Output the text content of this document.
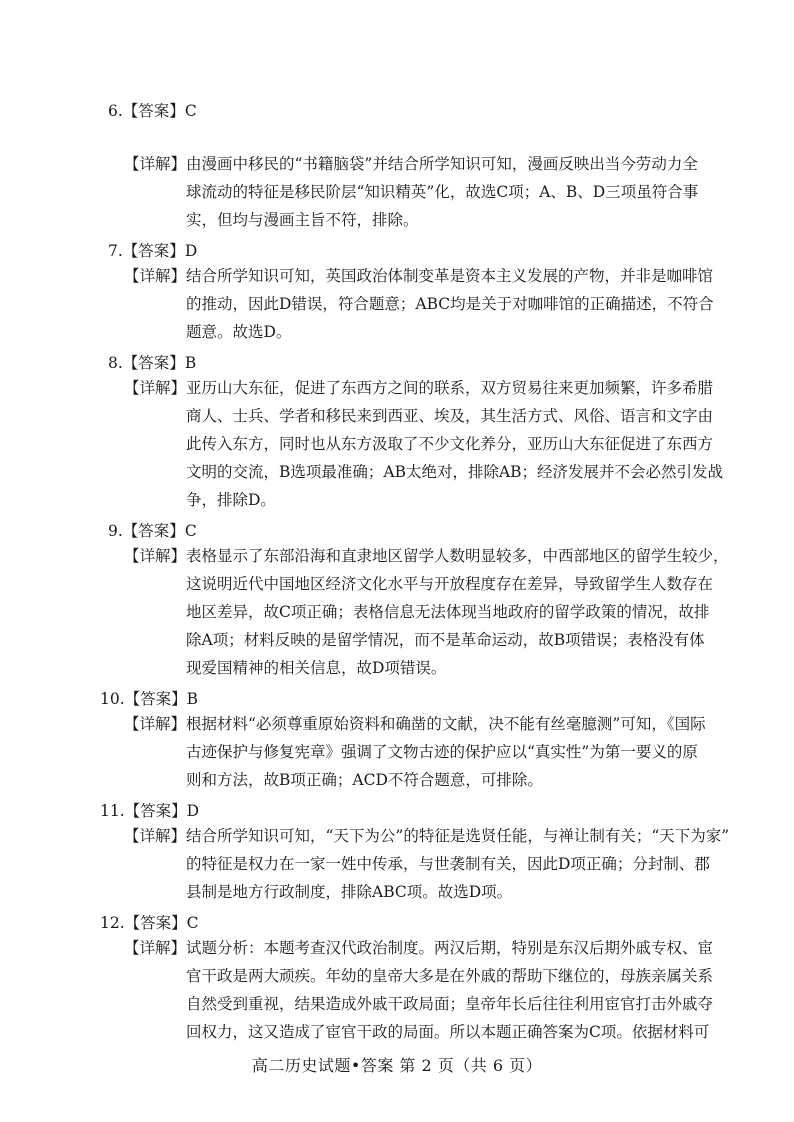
6.【答案】C
【详解】 由漫画中移民的“书籍脑袋”并结合所学知识可知，漫画反映出当今劳动力全
球流动的特征是移民阶层“知识精英”化，故选C项；A、B、D三项虽符合事
实，但均与漫画主旨不符，排除。
7.【答案】D
【详解】 结合所学知识可知，英国政治体制变革是资本主义发展的产物，并非是咖啡馆
的推动，因此D错误，符合题意；ABC均是关于对咖啡馆的正确描述，不符合
题意。故选D。
8.【答案】B
【详解】 亚历山大东征，促进了东西方之间的联系，双方贸易往来更加频繁，许多希腊
商人、士兵、学者和移民来到西亚、埃及，其生活方式、风俗、语言和文字由
此传入东方，同时也从东方汲取了不少文化养分，亚历山大东征促进了东西方
文明的交流，B选项最准确；AB太绝对，排除AB；经济发展并不会必然引发战
争，排除D。
9.【答案】C
【详解】 表格显示了东部沿海和直隶地区留学人数明显较多，中西部地区的留学生较少，
这说明近代中国地区经济文化水平与开放程度存在差异，导致留学生人数存在
地区差异，故C项正确；表格信息无法体现当地政府的留学政策的情况，故排
除A项；材料反映的是留学情况，而不是革命运动，故B项错误；表格没有体
现爱国精神的相关信息，故D项错误。
10.【答案】B
【详解】 根据材料“必须尊重原始资料和确凿的文献，决不能有丝毫臆测”可知，《国际
古迹保护与修复宪章》强调了文物古迹的保护应以“真实性”为第一要义的原
则和方法，故B项正确；ACD不符合题意，可排除。
11.【答案】D
【详解】 结合所学知识可知，“天下为公”的特征是选贤任能，与禅让制有关；“天下为家”
的特征是权力在一家一姓中传承，与世袭制有关，因此D项正确；分封制、郡
县制是地方行政制度，排除ABC项。故选D项。
12.【答案】C
【详解】 试题分析：本题考查汉代政治制度。两汉后期，特别是东汉后期外戚专权、宦
官干政是两大顽疾。年幼的皇帝大多是在外戚的帮助下继位的，母族亲属关系
自然受到重视，结果造成外戚干政局面；皇帝年长后往往利用宦官打击外戚夺
回权力，这又造成了宦官干政的局面。所以本题正确答案为C项。依据材料可
高二历史试题•答案 第 2 页（共 6 页）
